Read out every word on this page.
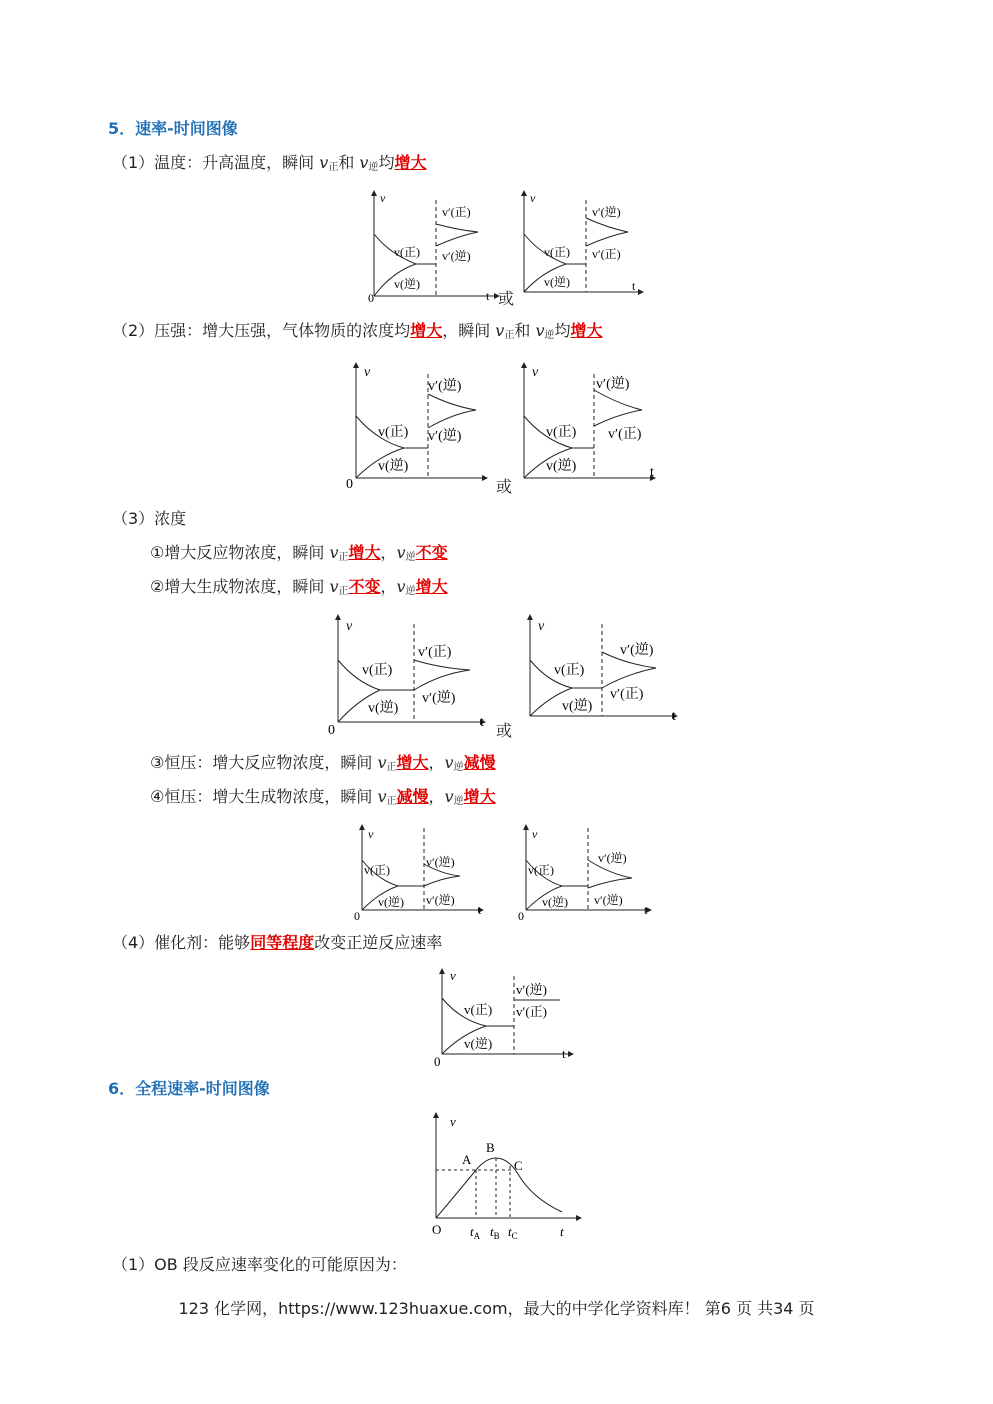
5．速率-时间图像
（1）温度：升高温度，瞬间 $v_正$和 $v_逆$均增大
v
0	t
v(正)
v(逆)
v′(正)
v′(逆)
或
v
t
v(正)
v(逆)
v′(逆)
v′(正)
（2）压强：增大压强，气体物质的浓度均增大，瞬间 $v_正$和 $v_逆$均增大
v
0
v(正)
v(逆)
v′(逆)
v′(逆)
或
v
t
v(正)
v(逆)
v′(逆)
v′(正)
（3）浓度
①增大反应物浓度，瞬间 $v_正$增大，$v_逆$不变
②增大生成物浓度，瞬间 $v_正$不变，$v_逆$增大
v
0
t
v(正)
v(逆)
v′(正)
v′(逆)
或
v
t
v(正)
v(逆)
v′(逆)
v′(正)
③恒压：增大反应物浓度，瞬间 $v_正$增大，$v_逆$减慢
④恒压：增大生成物浓度，瞬间 $v_正$减慢，$v_逆$增大
v
0	t
v(正)
v(逆)
v′(逆)
v′(逆)
v
0	t
v(正)
v(逆)
v′(逆)
v′(逆)
（4）催化剂：能够同等程度改变正逆反应速率
v
0
t
v(正)
v(逆)
v′(逆)
v′(正)
6．全程速率-时间图像
v
O	t
A
B
C
$t_A$ $t_B$ $t_C$
（1）OB 段反应速率变化的可能原因为：
123 化学网，https://www.123huaxue.com，最大的中学化学资料库！ 第6 页 共34 页
